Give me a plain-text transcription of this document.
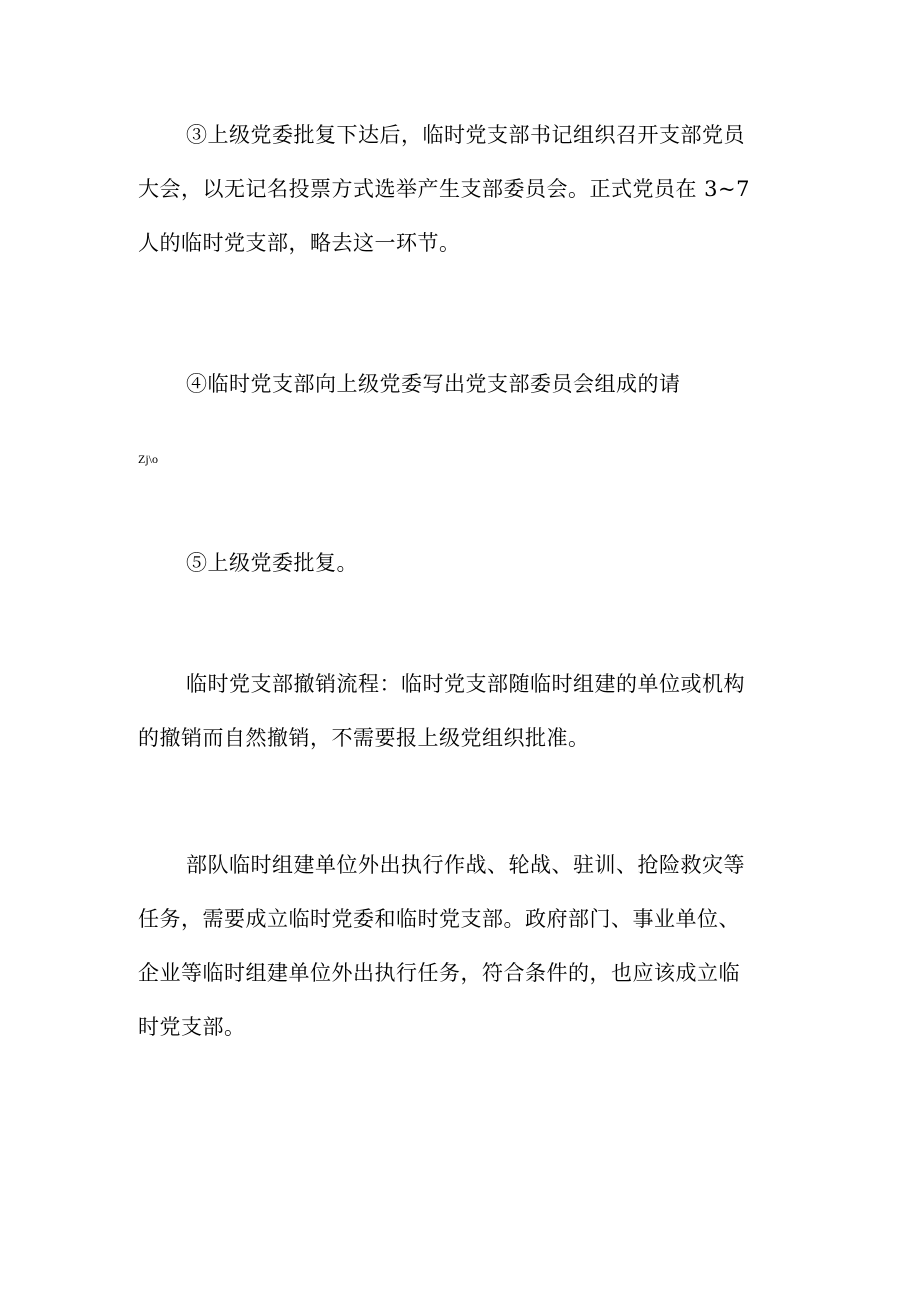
③上级党委批复下达后，临时党支部书记组织召开支部党员
大会，以无记名投票方式选举产生支部委员会。正式党员在 3~7
人的临时党支部，略去这一环节。

④临时党支部向上级党委写出党支部委员会组成的请

Zj\o

⑤上级党委批复。

临时党支部撤销流程：临时党支部随临时组建的单位或机构
的撤销而自然撤销，不需要报上级党组织批准。

部队临时组建单位外出执行作战、轮战、驻训、抢险救灾等
任务，需要成立临时党委和临时党支部。政府部门、事业单位、
企业等临时组建单位外出执行任务，符合条件的，也应该成立临
时党支部。
